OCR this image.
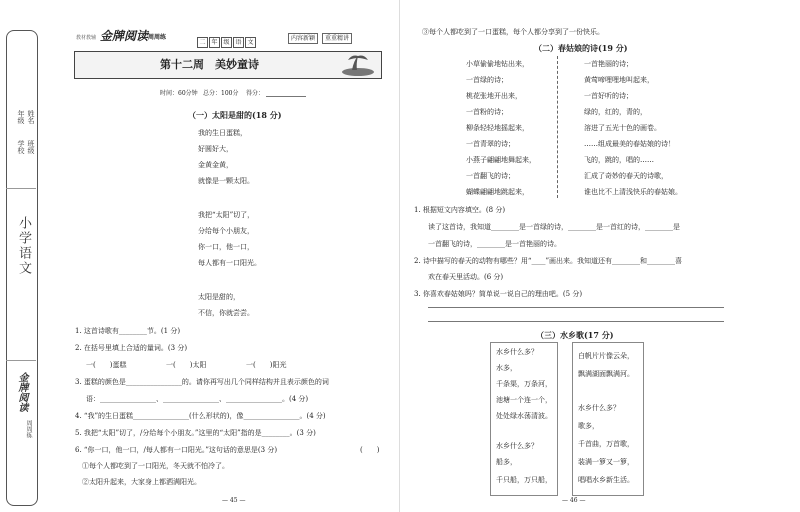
学校
年级
班级
姓名
小学语文
金牌阅读
周周练
教材教辅 金牌阅读 周周练
二 年 级 语 文
内容新颖	重重精讲
第十二周　美妙童诗
时间：60分钟 总分：100分 得分：
（一）太阳是甜的(18 分)
我的生日蛋糕，
好圆好大，
金黄金黄，
就像是一颗太阳。
我把“太阳”切了，
分给每个小朋友，
你一口，他一口，
每人都有一口阳光。
太阳是甜的，
不信，你就尝尝。
1. 这首诗歌有________节。(1 分)
2. 在括号里填上合适的量词。(3 分)
一(　　)蛋糕	一(　　)太阳	一(　　)阳光
3. 蛋糕的颜色是________________的。请你再写出几个同样结构并且表示颜色的词
语：________________、________________、________________。(4 分)
4. “我”的生日蛋糕________________(什么形状的)，像________________。(4 分)
5. 我把“太阳”切了，/分给每个小朋友。”这里的“太阳”指的是________。(3 分)
6. “你一口，他一口，/每人都有一口阳光。”这句话的意思是(3 分)	(　　)
①每个人都吃到了一口阳光，冬天就不怕冷了。
②太阳升起来，大家身上都洒满阳光。
— 45 —
③每个人都吃到了一口蛋糕，每个人都分享到了一份快乐。
（二）春姑娘的诗(19 分)
小草偷偷地钻出来，
一首绿的诗；
桃花张地开出来，
一首粉的诗；
柳条轻轻地摇起来，
一首青翠的诗；
小燕子翩翩地舞起来，
一首翻飞的诗；
蝴蝶翩翩地跳起来，
一首艳丽的诗；
黄莺啼哩哩地叫起来，
一首好听的诗；
绿的，红的，青的，
溶进了五光十色的画卷。
……组成最美的春姑娘的诗！
飞的，跳的，唱的……
汇成了奇妙的春天的诗歌，
谁也比不上清浅快乐的春姑娘。
1. 根据短文内容填空。(8 分)
读了这首诗，我知道________是一首绿的诗，________是一首红的诗，________是
一首翻飞的诗，________是一首艳丽的诗。
2. 诗中描写的春天的动物有哪些？用“____”画出来。我知道还有________和________喜
欢在春天里活动。(6 分)
3. 你喜欢春姑娘吗？简单说一说自己的理由吧。(5 分)
（三）水乡歌(17 分)
水乡什么多？
水多，
千条渠，万条河，
池塘一个连一个，
处处绿水荡清波。
水乡什么多？
船多，
千只船，万只船，
白帆片片像云朵，
飘满湖面飘满河。
水乡什么多？
歌多，
千首曲，万首歌，
装满一箩又一箩，
唱唱水乡新生活。
— 46 —
